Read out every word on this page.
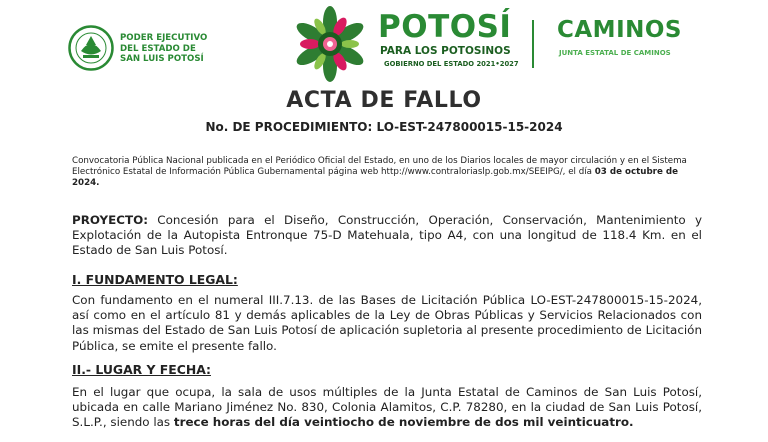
PODER EJECUTIVO
DEL ESTADO DE
SAN LUIS POTOSÍ
POTOSÍ
PARA LOS POTOSINOS
GOBIERNO DEL ESTADO 2021•2027
CAMINOS
JUNTA ESTATAL DE CAMINOS
ACTA DE FALLO
No. DE PROCEDIMIENTO: LO-EST-247800015-15-2024
Convocatoria Pública Nacional publicada en el Periódico Oficial del Estado, en uno de los Diarios locales de mayor circulación y en el Sistema Electrónico Estatal de Información Pública Gubernamental página web http://www.contraloriaslp.gob.mx/SEEIPG/, el día 03 de octubre de 2024.
PROYECTO: Concesión para el Diseño, Construcción, Operación, Conservación, Mantenimiento y Explotación de la Autopista Entronque 75-D Matehuala, tipo A4, con una longitud de 118.4 Km. en el Estado de San Luis Potosí.
I. FUNDAMENTO LEGAL:
Con fundamento en el numeral III.7.13. de las Bases de Licitación Pública LO-EST-247800015-15-2024, así como en el artículo 81 y demás aplicables de la Ley de Obras Públicas y Servicios Relacionados con las mismas del Estado de San Luis Potosí de aplicación supletoria al presente procedimiento de Licitación Pública, se emite el presente fallo.
II.- LUGAR Y FECHA:
En el lugar que ocupa, la sala de usos múltiples de la Junta Estatal de Caminos de San Luis Potosí, ubicada en calle Mariano Jiménez No. 830, Colonia Alamitos, C.P. 78280, en la ciudad de San Luis Potosí, S.L.P., siendo las trece horas del día veintiocho de noviembre de dos mil veinticuatro.
